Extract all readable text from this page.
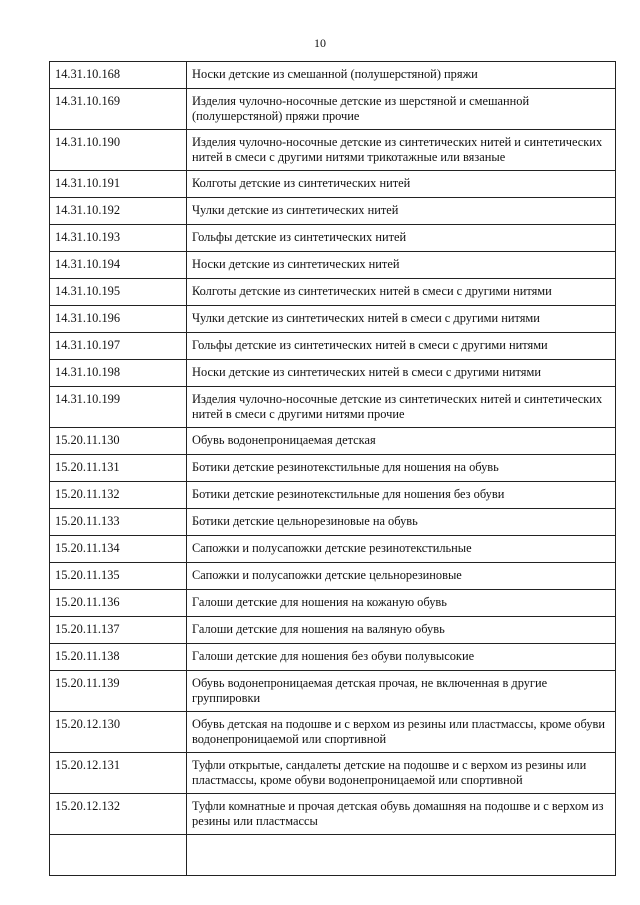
10
14.31.10.168	Носки детские из смешанной (полушерстяной) пряжи
14.31.10.169	Изделия чулочно-носочные детские из шерстяной и смешанной (полушерстяной) пряжи прочие
14.31.10.190	Изделия чулочно-носочные детские из синтетических нитей и синтетических нитей в смеси с другими нитями трикотажные или вязаные
14.31.10.191	Колготы детские из синтетических нитей
14.31.10.192	Чулки детские из синтетических нитей
14.31.10.193	Гольфы детские из синтетических нитей
14.31.10.194	Носки детские из синтетических нитей
14.31.10.195	Колготы детские из синтетических нитей в смеси с другими нитями
14.31.10.196	Чулки детские из синтетических нитей в смеси с другими нитями
14.31.10.197	Гольфы детские из синтетических нитей в смеси с другими нитями
14.31.10.198	Носки детские из синтетических нитей в смеси с другими нитями
14.31.10.199	Изделия чулочно-носочные детские из синтетических нитей и синтетических нитей в смеси с другими нитями прочие
15.20.11.130	Обувь водонепроницаемая детская
15.20.11.131	Ботики детские резинотекстильные для ношения на обувь
15.20.11.132	Ботики детские резинотекстильные для ношения без обуви
15.20.11.133	Ботики детские цельнорезиновые на обувь
15.20.11.134	Сапожки и полусапожки детские резинотекстильные
15.20.11.135	Сапожки и полусапожки детские цельнорезиновые
15.20.11.136	Галоши детские для ношения на кожаную обувь
15.20.11.137	Галоши детские для ношения на валяную обувь
15.20.11.138	Галоши детские для ношения без обуви полувысокие
15.20.11.139	Обувь водонепроницаемая детская прочая, не включенная в другие группировки
15.20.12.130	Обувь детская на подошве и с верхом из резины или пластмассы, кроме обуви водонепроницаемой или спортивной
15.20.12.131	Туфли открытые, сандалеты детские на подошве и с верхом из резины или пластмассы, кроме обуви водонепроницаемой или спортивной
15.20.12.132	Туфли комнатные и прочая детская обувь домашняя на подошве и с верхом из резины или пластмассы
